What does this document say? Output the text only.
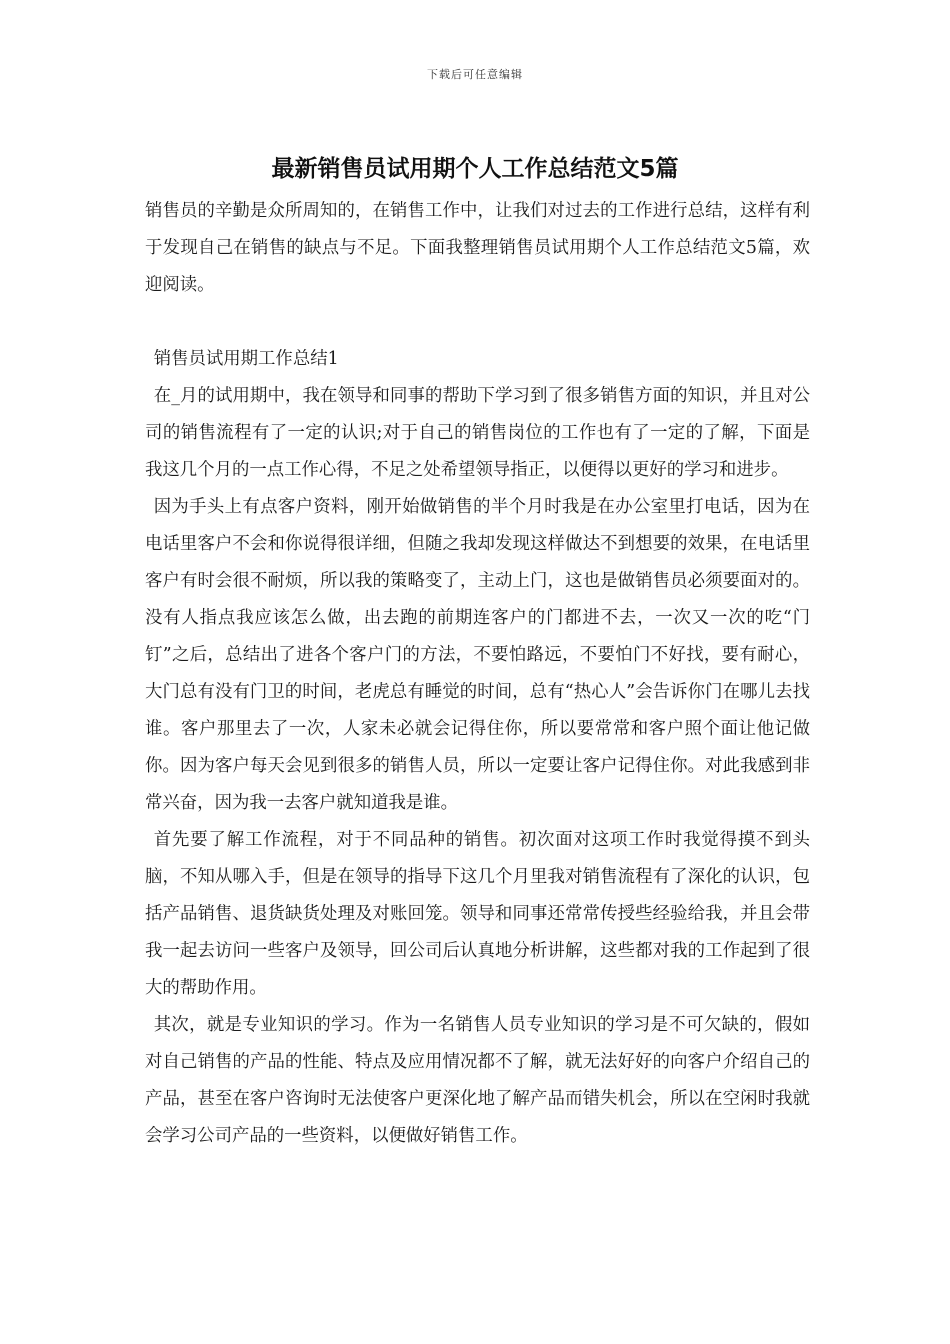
下载后可任意编辑
最新销售员试用期个人工作总结范文5篇

销售员的辛勤是众所周知的，在销售工作中，让我们对过去的工作进行总结，这样有利于发现自己在销售的缺点与不足。下面我整理销售员试用期个人工作总结范文5篇，欢迎阅读。

销售员试用期工作总结1

在_月的试用期中，我在领导和同事的帮助下学习到了很多销售方面的知识，并且对公司的销售流程有了一定的认识;对于自己的销售岗位的工作也有了一定的了解，下面是我这几个月的一点工作心得，不足之处希望领导指正，以便得以更好的学习和进步。

因为手头上有点客户资料，刚开始做销售的半个月时我是在办公室里打电话，因为在电话里客户不会和你说得很详细，但随之我却发现这样做达不到想要的效果，在电话里客户有时会很不耐烦，所以我的策略变了，主动上门，这也是做销售员必须要面对的。没有人指点我应该怎么做，出去跑的前期连客户的门都进不去，一次又一次的吃“门钉”之后，总结出了进各个客户门的方法，不要怕路远，不要怕门不好找，要有耐心，大门总有没有门卫的时间，老虎总有睡觉的时间，总有“热心人”会告诉你门在哪儿去找谁。客户那里去了一次，人家未必就会记得住你，所以要常常和客户照个面让他记做你。因为客户每天会见到很多的销售人员，所以一定要让客户记得住你。对此我感到非常兴奋，因为我一去客户就知道我是谁。

首先要了解工作流程，对于不同品种的销售。初次面对这项工作时我觉得摸不到头脑，不知从哪入手，但是在领导的指导下这几个月里我对销售流程有了深化的认识，包括产品销售、退货缺货处理及对账回笼。领导和同事还常常传授些经验给我，并且会带我一起去访问一些客户及领导，回公司后认真地分析讲解，这些都对我的工作起到了很大的帮助作用。

其次，就是专业知识的学习。作为一名销售人员专业知识的学习是不可欠缺的，假如对自己销售的产品的性能、特点及应用情况都不了解，就无法好好的向客户介绍自己的产品，甚至在客户咨询时无法使客户更深化地了解产品而错失机会，所以在空闲时我就会学习公司产品的一些资料，以便做好销售工作。
